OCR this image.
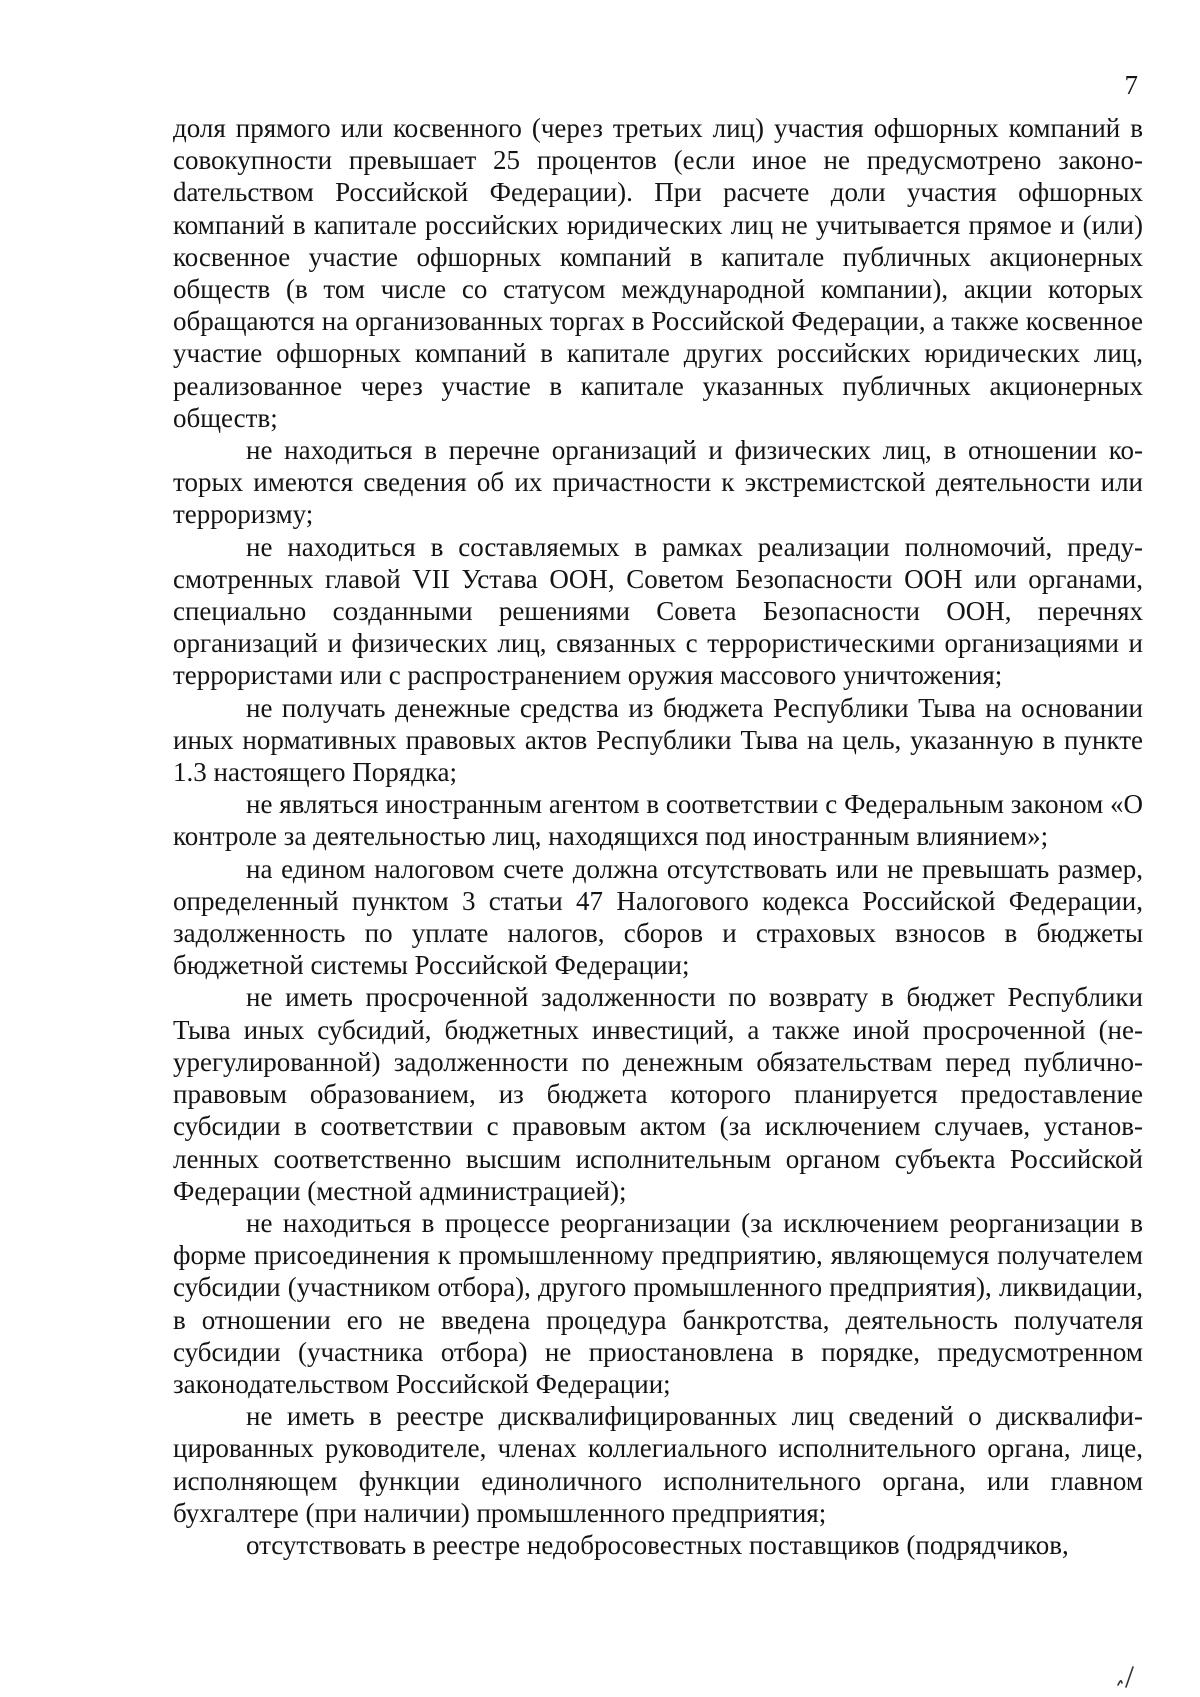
7

доля прямого или косвенного (через третьих лиц) участия офшорных компаний в совокупности превышает 25 процентов (если иное не предусмотрено законоdательством Российской Федерации). При расчете доли участия офшорных компаний в капитале российских юридических лиц не учитывается прямое и (или) косвенное участие офшорных компаний в капитале публичных акционерных обществ (в том числе со статусом международной компании), акции которых обращаются на организованных торгах в Российской Федерации, а также косвенное участие офшорных компаний в капитале других российских юридических лиц, реализованное через участие в капитале указанных публичных акционерных обществ;

не находиться в перечне организаций и физических лиц, в отношении которых имеются сведения об их причастности к экстремистской деятельности или терроризму;

не находиться в составляемых в рамках реализации полномочий, предусмотренных главой VII Устава ООН, Советом Безопасности ООН или органами, специально созданными решениями Совета Безопасности ООН, перечнях организаций и физических лиц, связанных с террористическими организациями и террористами или с распространением оружия массового уничтожения;

не получать денежные средства из бюджета Республики Тыва на основании иных нормативных правовых актов Республики Тыва на цель, указанную в пункте 1.3 настоящего Порядка;

не являться иностранным агентом в соответствии с Федеральным законом «О контроле за деятельностью лиц, находящихся под иностранным влиянием»;

на едином налоговом счете должна отсутствовать или не превышать размер, определенный пунктом 3 статьи 47 Налогового кодекса Российской Федерации, задолженность по уплате налогов, сборов и страховых взносов в бюджеты бюджетной системы Российской Федерации;

не иметь просроченной задолженности по возврату в бюджет Республики Тыва иных субсидий, бюджетных инвестиций, а также иной просроченной (неурегулированной) задолженности по денежным обязательствам перед публично-правовым образованием, из бюджета которого планируется предоставление субсидии в соответствии с правовым актом (за исключением случаев, установленных соответственно высшим исполнительным органом субъекта Российской Федерации (местной администрацией);

не находиться в процессе реорганизации (за исключением реорганизации в форме присоединения к промышленному предприятию, являющемуся получателем субсидии (участником отбора), другого промышленного предприятия), ликвидации, в отношении его не введена процедура банкротства, деятельность получателя субсидии (участника отбора) не приостановлена в порядке, предусмотренном законодательством Российской Федерации;

не иметь в реестре дисквалифицированных лиц сведений о дисквалифицированных руководителе, членах коллегиального исполнительного органа, лице, исполняющем функции единоличного исполнительного органа, или главном бухгалтере (при наличии) промышленного предприятия;

отсутствовать в реестре недобросовестных поставщиков (подрядчиков,
